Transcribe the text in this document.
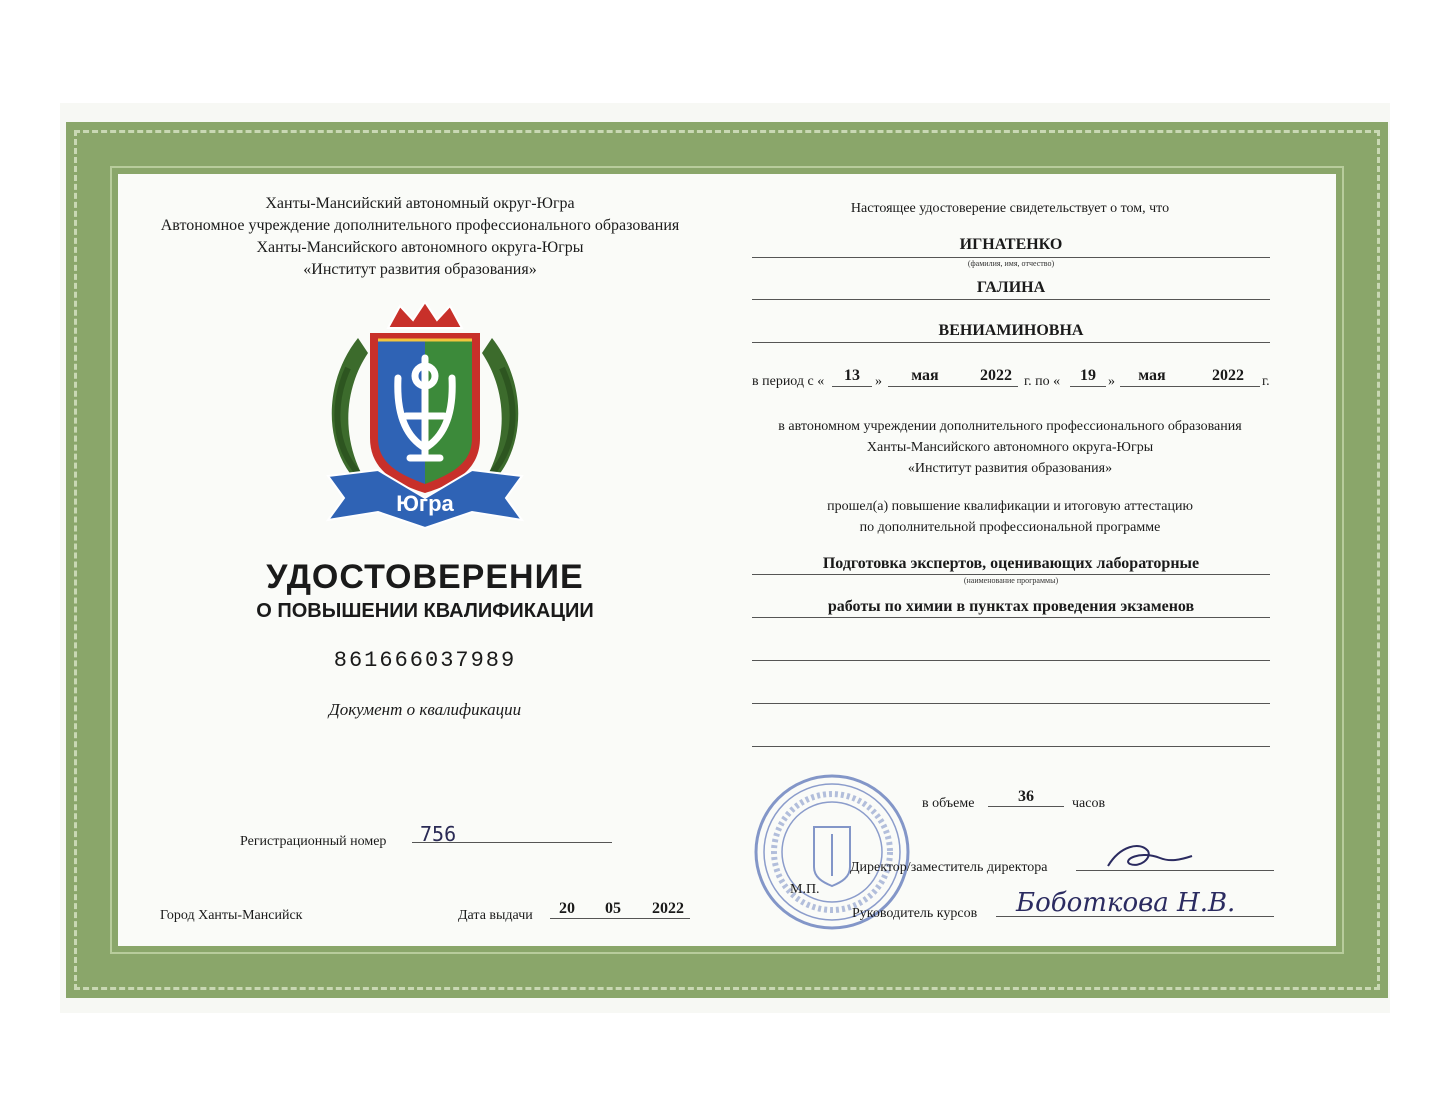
Ханты-Мансийский автономный округ-Югра
Автономное учреждение дополнительного профессионального образования
Ханты-Мансийского автономного округа-Югры
«Институт развития образования»
Югра
УДОСТОВЕРЕНИЕ
О ПОВЫШЕНИИ КВАЛИФИКАЦИИ
861666037989
Документ о квалификации
Регистрационный номер 756
Город Ханты-Мансийск	Дата выдачи	20	05	2022
Настоящее удостоверение свидетельствует о том, что
ИГНАТЕНКО
(фамилия, имя, отчество)
ГАЛИНА
ВЕНИАМИНОВНА
в период с «	13	»	мая	2022 г. по «	19 »	мая	2022	г.
в автономном учреждении дополнительного профессионального образования
Ханты-Мансийского автономного округа-Югры
«Институт развития образования»
прошел(а) повышение квалификации и итоговую аттестацию
по дополнительной профессиональной программе
Подготовка экспертов, оценивающих лабораторные
(наименование программы)
работы по химии в пунктах проведения экзаменов
в объеме	36	часов
Директор/заместитель директора
М.П.
Руководитель курсов Боботкова Н.В.
